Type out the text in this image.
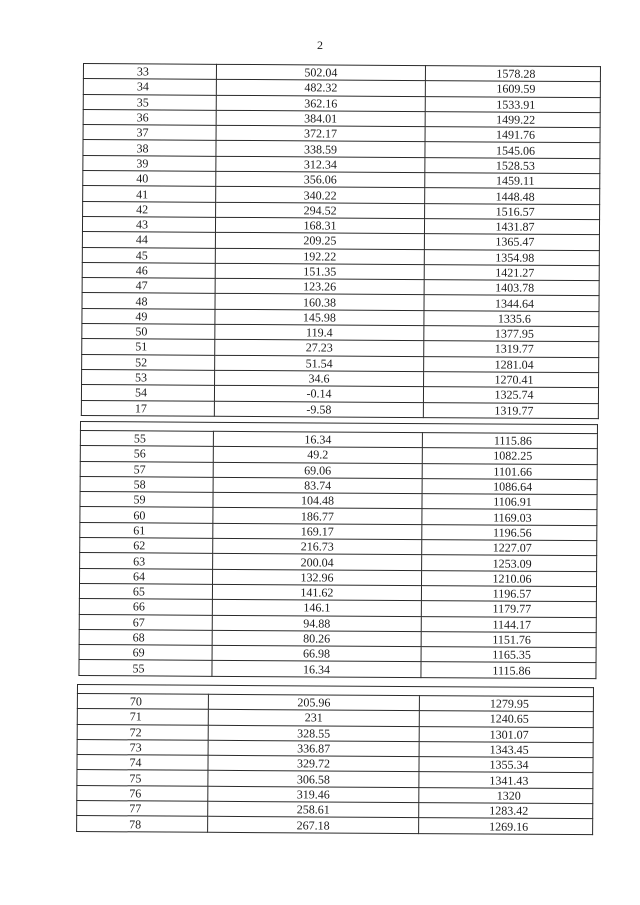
2
33	502.04	1578.28
34	482.32	1609.59
35	362.16	1533.91
36	384.01	1499.22
37	372.17	1491.76
38	338.59	1545.06
39	312.34	1528.53
40	356.06	1459.11
41	340.22	1448.48
42	294.52	1516.57
43	168.31	1431.87
44	209.25	1365.47
45	192.22	1354.98
46	151.35	1421.27
47	123.26	1403.78
48	160.38	1344.64
49	145.98	1335.6
50	119.4	1377.95
51	27.23	1319.77
52	51.54	1281.04
53	34.6	1270.41
54	-0.14	1325.74
17	-9.58	1319.77

55	16.34	1115.86
56	49.2	1082.25
57	69.06	1101.66
58	83.74	1086.64
59	104.48	1106.91
60	186.77	1169.03
61	169.17	1196.56
62	216.73	1227.07
63	200.04	1253.09
64	132.96	1210.06
65	141.62	1196.57
66	146.1	1179.77
67	94.88	1144.17
68	80.26	1151.76
69	66.98	1165.35
55	16.34	1115.86

70	205.96	1279.95
71	231	1240.65
72	328.55	1301.07
73	336.87	1343.45
74	329.72	1355.34
75	306.58	1341.43
76	319.46	1320
77	258.61	1283.42
78	267.18	1269.16
